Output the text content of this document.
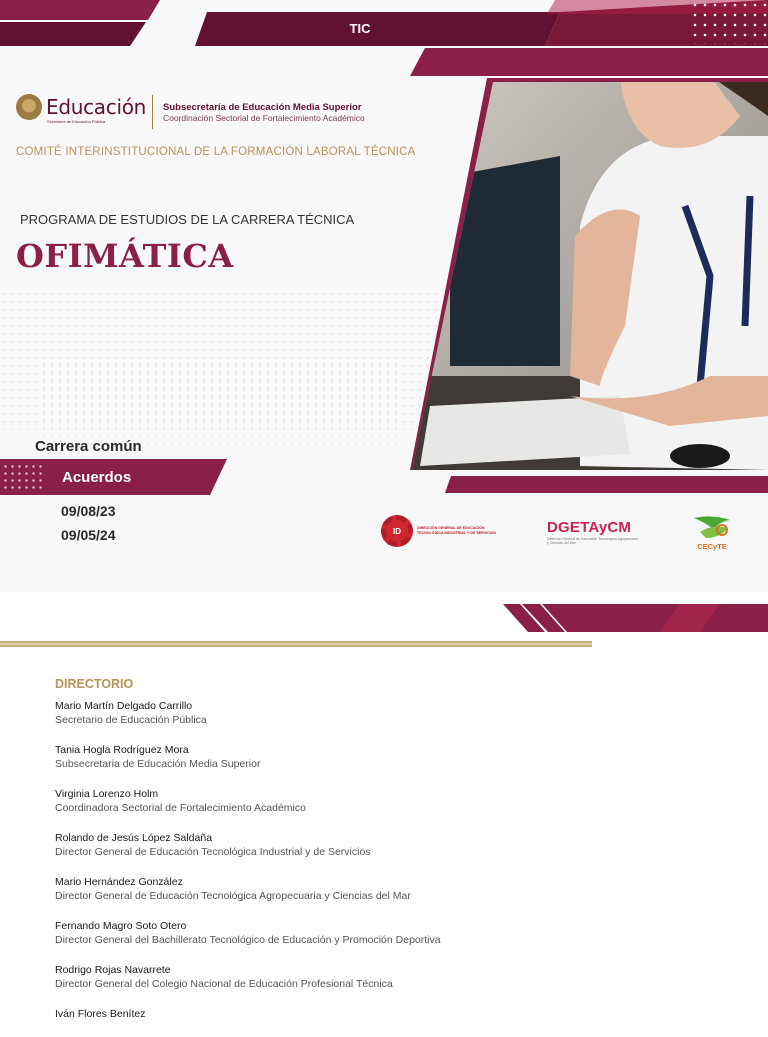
TIC
Educación
Secretaría de Educación Pública
Subsecretaría de Educación Media Superior
Coordinación Sectorial de Fortalecimiento Académico
COMITÉ INTERINSTITUCIONAL DE LA FORMACIÓN LABORAL TÉCNICA
PROGRAMA DE ESTUDIOS DE LA CARRERA TÉCNICA
OFIMÁTICA
Carrera común
Acuerdos
09/08/23
09/05/24	ID	DIRECCIÓN GENERAL DE EDUCACIÓN TECNOLÓGICA INDUSTRIAL Y DE SERVICIOS	DGETAyCM
Dirección General de Educación Tecnológica Agropecuaria y Ciencias del Mar	CECyTE
DIRECTORIO
Mario Martín Delgado Carrillo
Secretario de Educación Pública
Tania Hogla Rodríguez Mora
Subsecretaria de Educación Media Superior
Virginia Lorenzo Holm
Coordinadora Sectorial de Fortalecimiento Académico
Rolando de Jesús López Saldaña
Director General de Educación Tecnológica Industrial y de Servicios
Mario Hernández González
Director General de Educación Tecnológica Agropecuaria y Ciencias del Mar
Fernando Magro Soto Otero
Director General del Bachillerato Tecnológico de Educación y Promoción Deportiva
Rodrigo Rojas Navarrete
Director General del Colegio Nacional de Educación Profesional Técnica
Iván Flores Benítez
